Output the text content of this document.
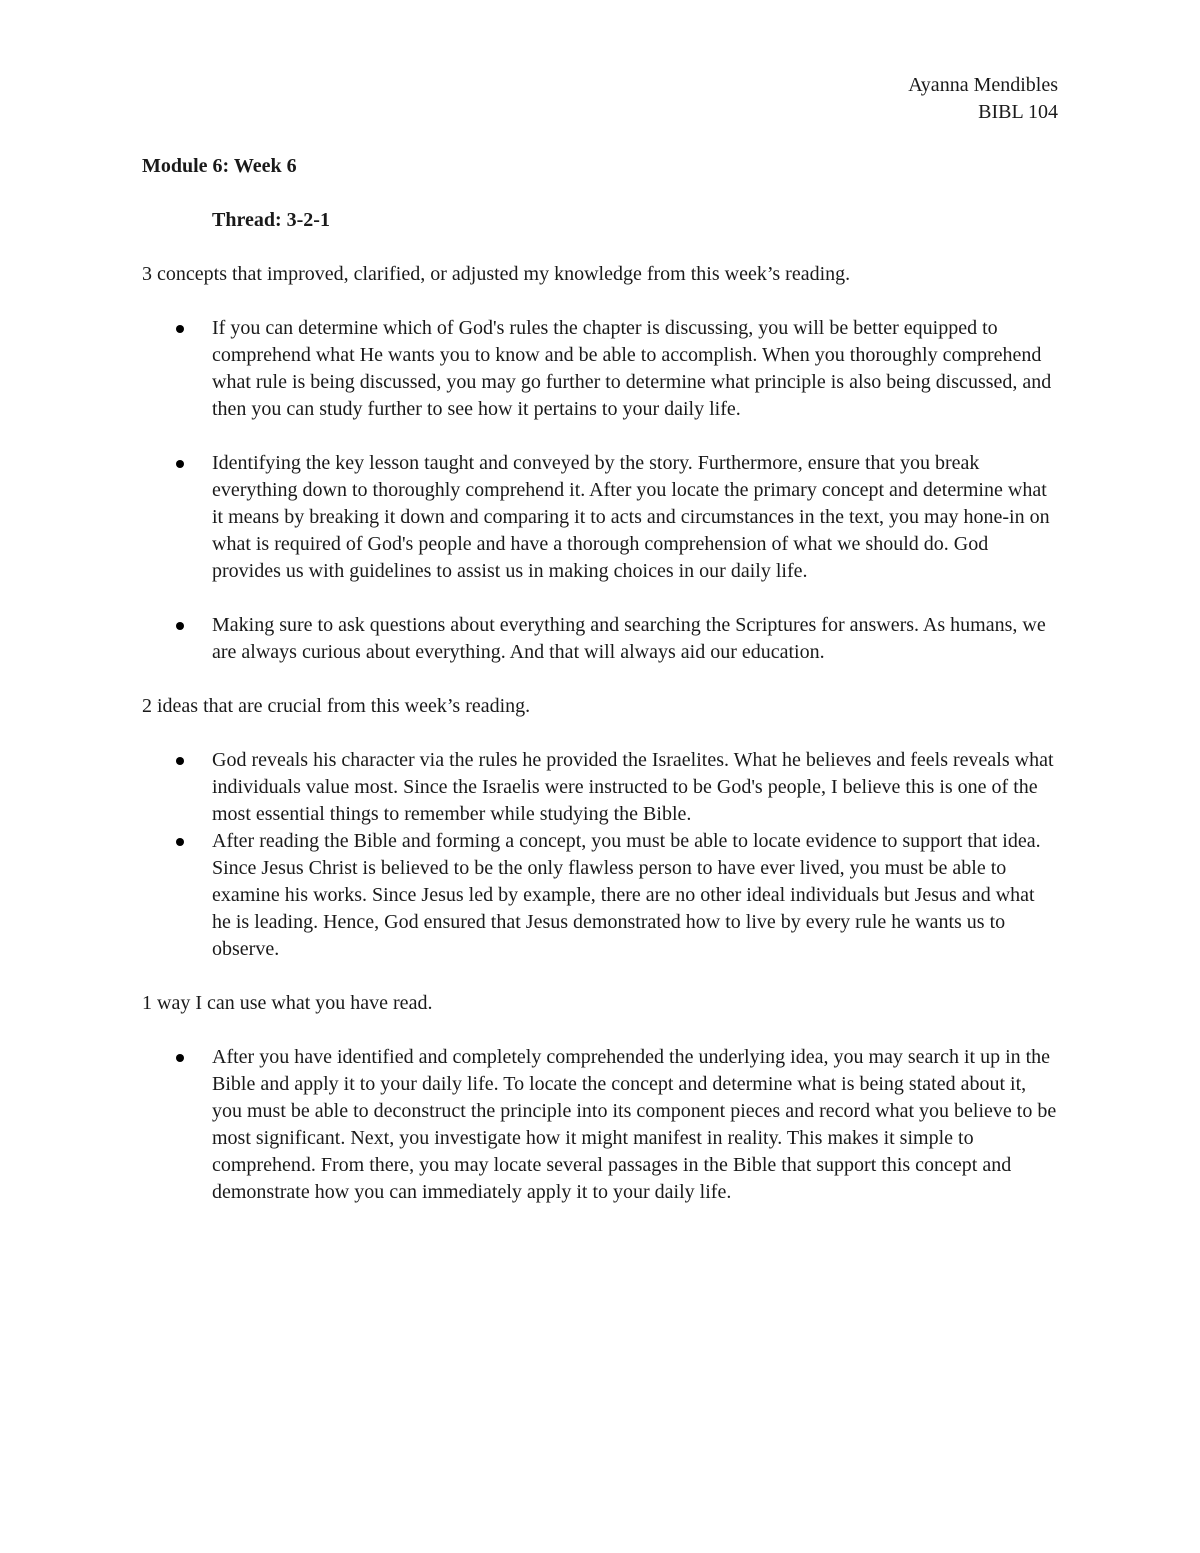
Ayanna Mendibles
BIBL 104
Module 6: Week 6
Thread: 3-2-1
3 concepts that improved, clarified, or adjusted my knowledge from this week’s reading.
If you can determine which of God's rules the chapter is discussing, you will be better equipped to comprehend what He wants you to know and be able to accomplish. When you thoroughly comprehend what rule is being discussed, you may go further to determine what principle is also being discussed, and then you can study further to see how it pertains to your daily life.
Identifying the key lesson taught and conveyed by the story. Furthermore, ensure that you break everything down to thoroughly comprehend it. After you locate the primary concept and determine what it means by breaking it down and comparing it to acts and circumstances in the text, you may hone-in on what is required of God's people and have a thorough comprehension of what we should do. God provides us with guidelines to assist us in making choices in our daily life.
Making sure to ask questions about everything and searching the Scriptures for answers. As humans, we are always curious about everything. And that will always aid our education.
2 ideas that are crucial from this week’s reading.
God reveals his character via the rules he provided the Israelites. What he believes and feels reveals what individuals value most. Since the Israelis were instructed to be God's people, I believe this is one of the most essential things to remember while studying the Bible.
After reading the Bible and forming a concept, you must be able to locate evidence to support that idea. Since Jesus Christ is believed to be the only flawless person to have ever lived, you must be able to examine his works. Since Jesus led by example, there are no other ideal individuals but Jesus and what he is leading. Hence, God ensured that Jesus demonstrated how to live by every rule he wants us to observe.
1 way I can use what you have read.
After you have identified and completely comprehended the underlying idea, you may search it up in the Bible and apply it to your daily life. To locate the concept and determine what is being stated about it, you must be able to deconstruct the principle into its component pieces and record what you believe to be most significant. Next, you investigate how it might manifest in reality. This makes it simple to comprehend. From there, you may locate several passages in the Bible that support this concept and demonstrate how you can immediately apply it to your daily life.
